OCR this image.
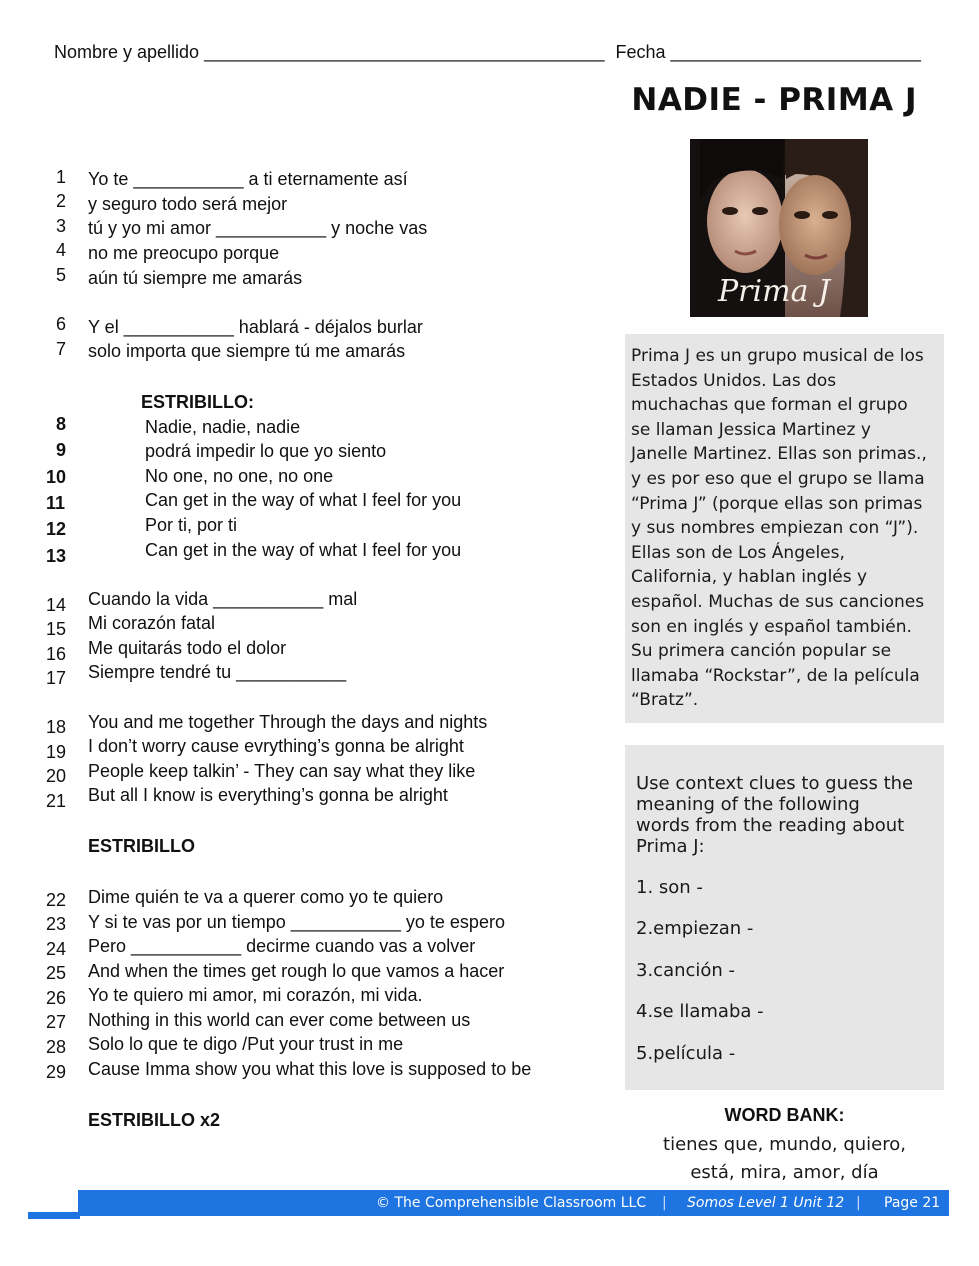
Nombre y apellido ________________________________________ Fecha _________________________
NADIE - PRIMA J
Prima J
1
2
3
4
5
6
7
8
9
10
11
12
13
14
15
16
17
18
19
20
21
22
23
24
25
26
27
28
29
Yo te ___________ a ti eternamente así
y seguro todo será mejor
tú y yo mi amor ___________ y noche vas
no me preocupo porque
aún tú siempre me amarás
Y el ___________ hablará - déjalos burlar
solo importa que siempre tú me amarás
ESTRIBILLO:
Nadie, nadie, nadie
podrá impedir lo que yo siento
No one, no one, no one
Can get in the way of what I feel for you
Por ti, por ti
Can get in the way of what I feel for you
Cuando la vida ___________ mal
Mi corazón fatal
Me quitarás todo el dolor
Siempre tendré tu ___________
You and me together Through the days and nights
I don’t worry cause evrything’s gonna be alright
People keep talkin’ - They can say what they like
But all I know is everything’s gonna be alright
ESTRIBILLO
Dime quién te va a querer como yo te quiero
Y si te vas por un tiempo ___________ yo te espero
Pero ___________ decirme cuando vas a volver
And when the times get rough lo que vamos a hacer
Yo te quiero mi amor, mi corazón, mi vida.
Nothing in this world can ever come between us
Solo lo que te digo /Put your trust in me
Cause Imma show you what this love is supposed to be
ESTRIBILLO x2
Prima J es un grupo musical de los
Estados Unidos. Las dos
muchachas que forman el grupo
se llaman Jessica Martinez y
Janelle Martinez. Ellas son primas.,
y es por eso que el grupo se llama
“Prima J” (porque ellas son primas
y sus nombres empiezan con “J”).
Ellas son de Los Ángeles,
California, y hablan inglés y
español. Muchas de sus canciones
son en inglés y español también.
Su primera canción popular se
llamaba “Rockstar”, de la película
“Bratz”.
Use context clues to guess the
meaning of the following
words from the reading about
Prima J:
1. son -
2.empiezan -
3.canción -
4.se llamaba -
5.película -
WORD BANK:
tienes que, mundo, quiero,
está, mira, amor, día
© The Comprehensible Classroom LLC | Somos Level 1 Unit 12 | Page 21
